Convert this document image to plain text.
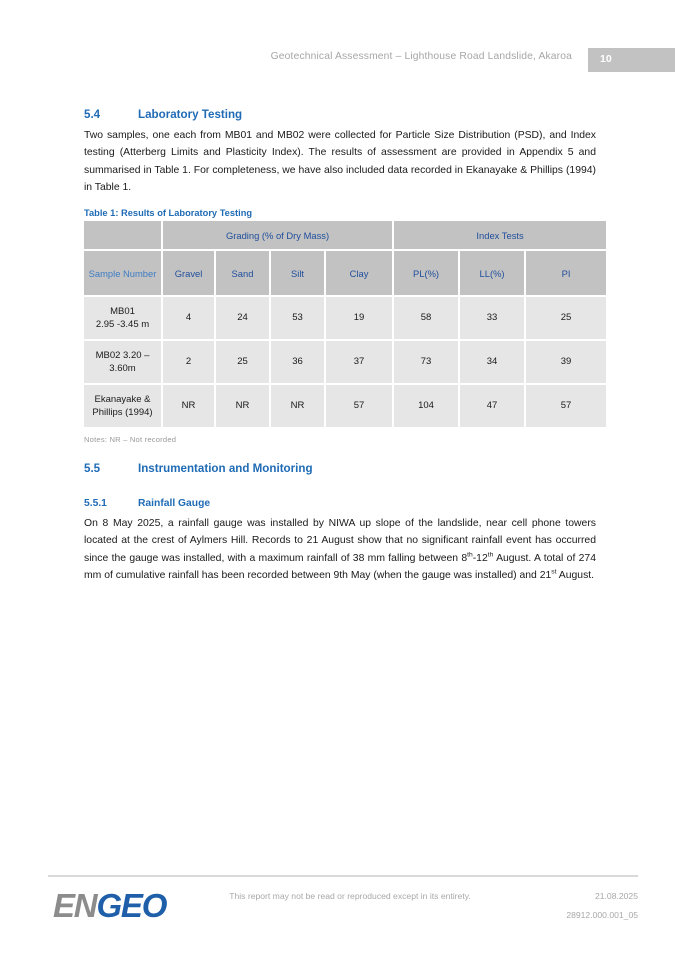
Geotechnical Assessment – Lighthouse Road Landslide, Akaroa	10
5.4	Laboratory Testing

Two samples, one each from MB01 and MB02 were collected for Particle Size Distribution (PSD), and Index testing (Atterberg Limits and Plasticity Index). The results of assessment are provided in Appendix 5 and summarised in Table 1. For completeness, we have also included data recorded in Ekanayake & Phillips (1994) in Table 1.

Table 1: Results of Laboratory Testing
	Grading (% of Dry Mass)				Index Tests		
Sample Number	Gravel	Sand	Silt	Clay	PL(%)	LL(%)	PI
MB01
2.95 -3.45 m	4	24	53	19	58	33	25
MB02 3.20 –
3.60m	2	25	36	37	73	34	39
Ekanayake &
Phillips (1994)	NR	NR	NR	57	104	47	57
Notes: NR – Not recorded
5.5	Instrumentation and Monitoring
5.5.1	Rainfall Gauge

On 8 May 2025, a rainfall gauge was installed by NIWA up slope of the landslide, near cell phone towers located at the crest of Aylmers Hill. Records to 21 August show that no significant rainfall event has occurred since the gauge was installed, with a maximum rainfall of 38 mm falling between 8th-12th August. A total of 274 mm of cumulative rainfall has been recorded between 9th May (when the gauge was installed) and 21st August.

ENGEO	This report may not be read or reproduced except in its entirety.	21.08.2025
28912.000.001_05
